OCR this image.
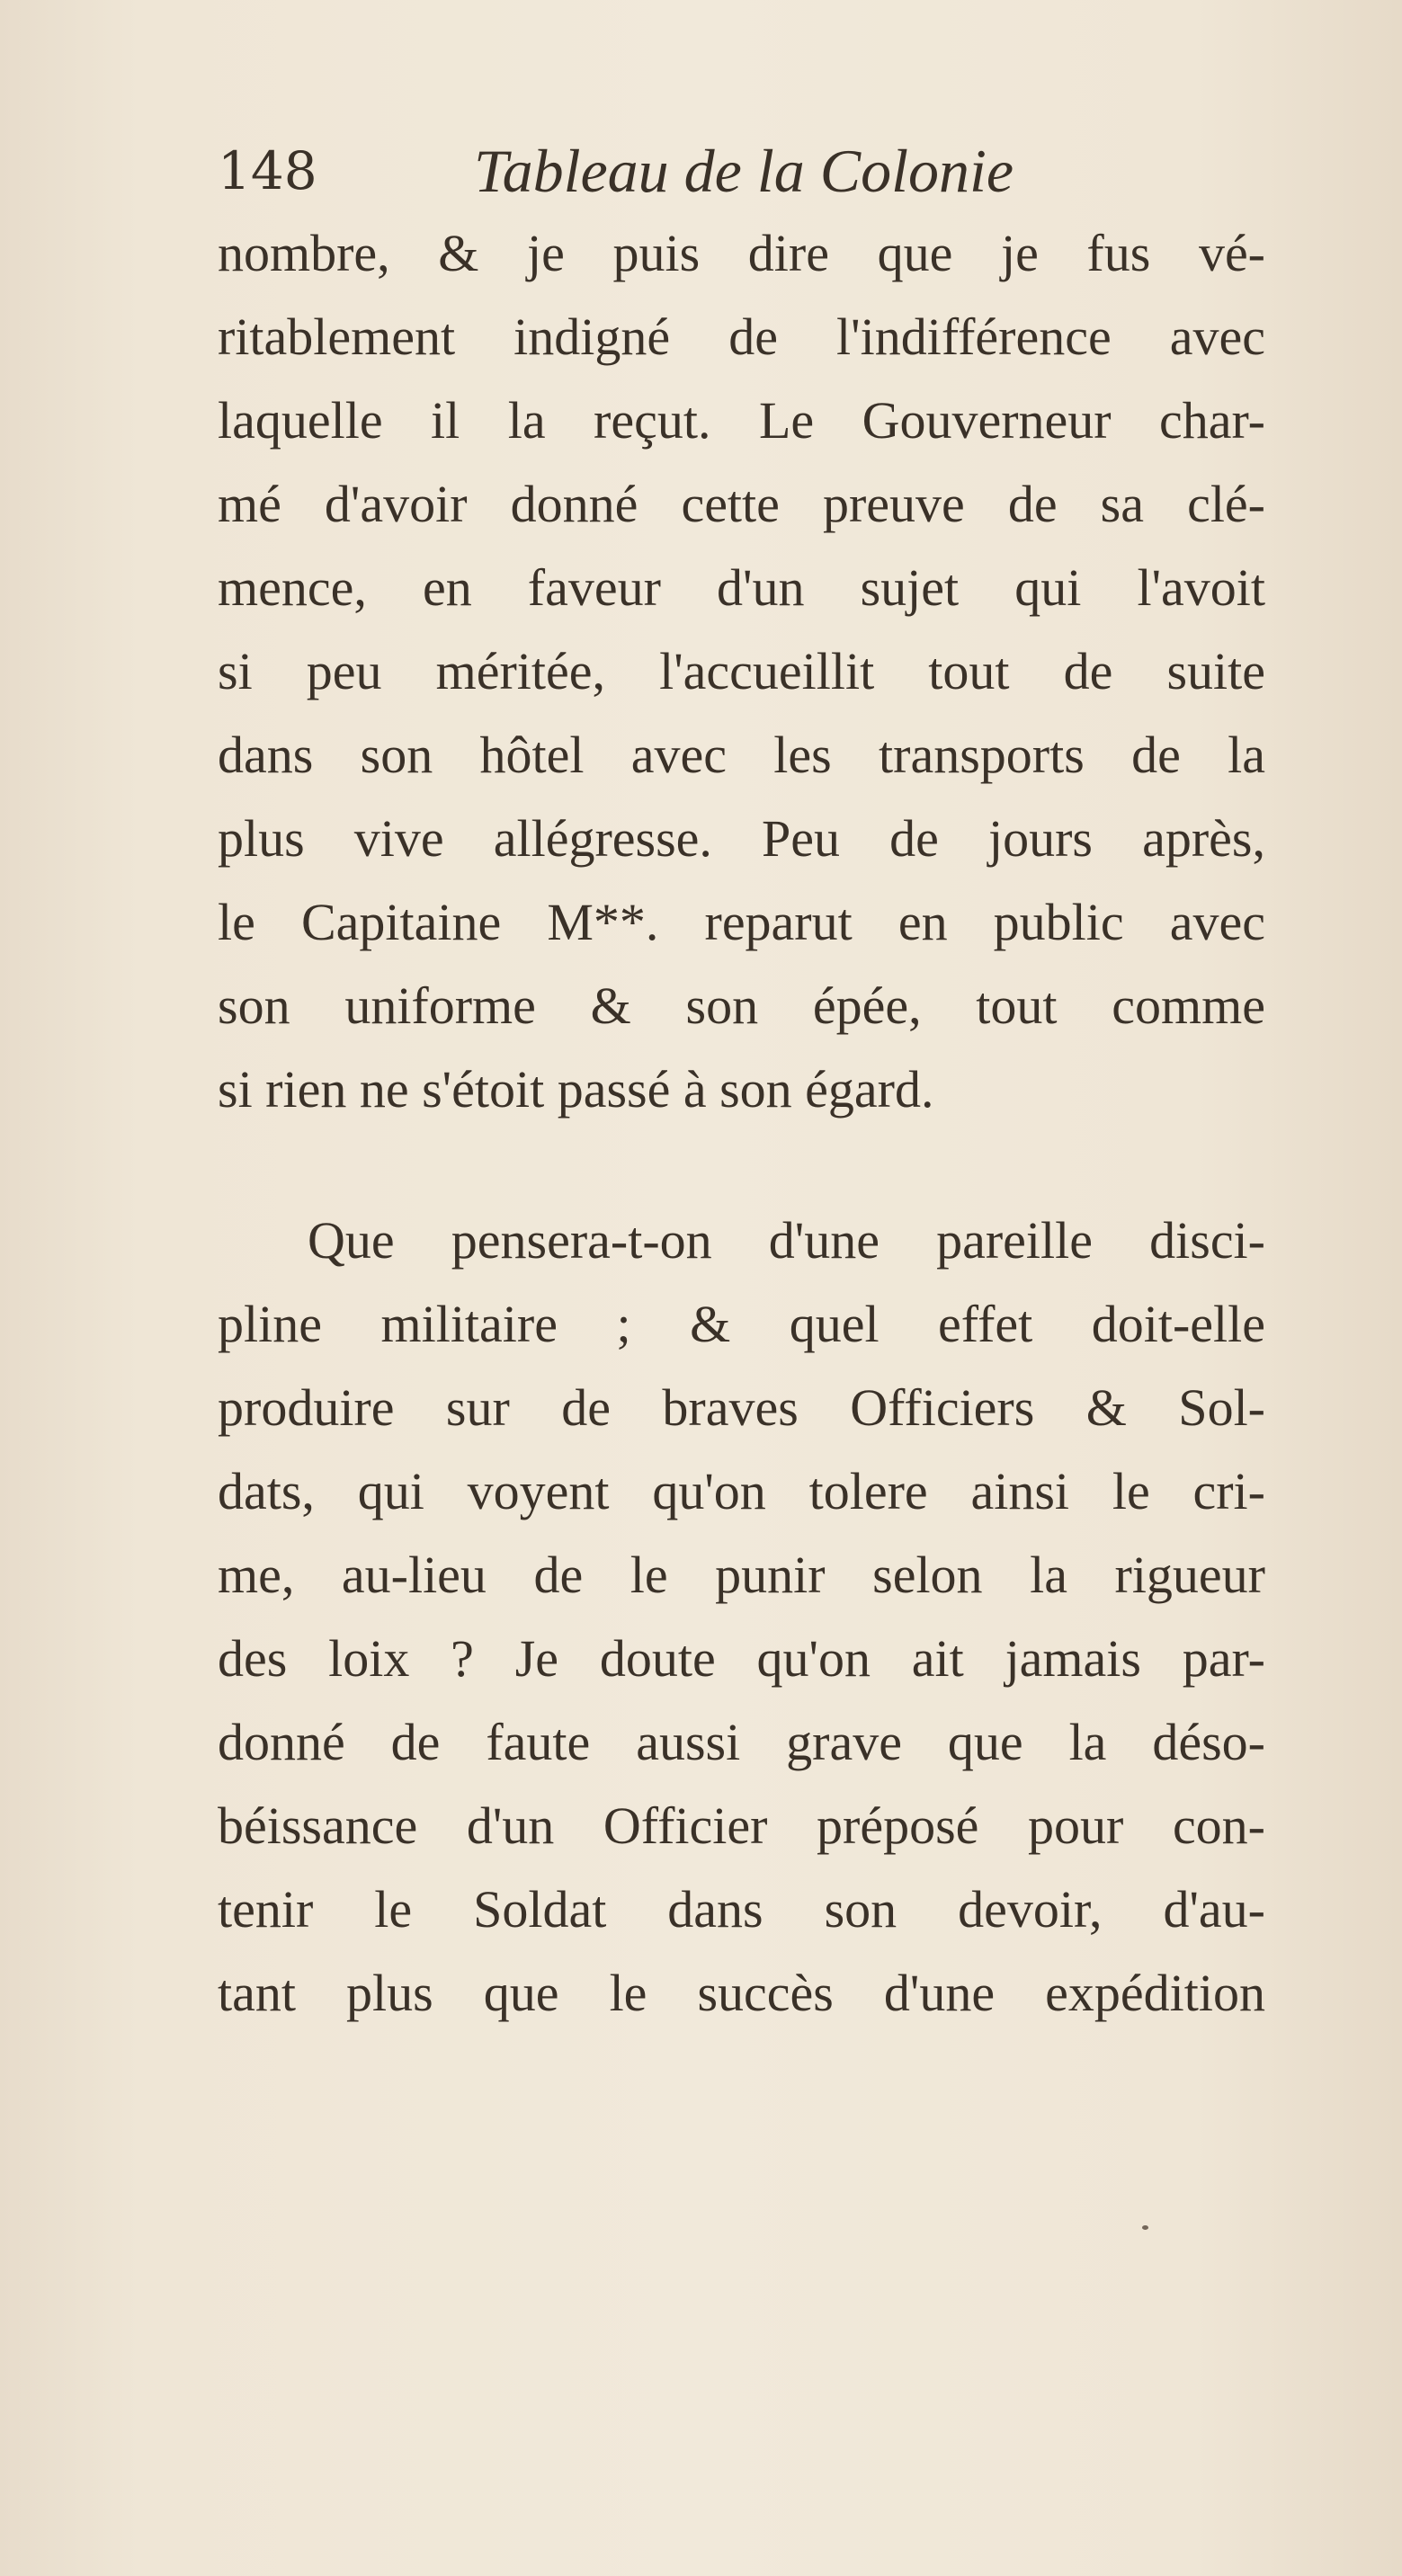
148	Tableau de la Colonie
nombre, & je puis dire que je fus vé-
ritablement indigné de l'indifférence avec
laquelle il la reçut. Le Gouverneur char-
mé d'avoir donné cette preuve de sa clé-
mence, en faveur d'un sujet qui l'avoit
si peu méritée, l'accueillit tout de suite
dans son hôtel avec les transports de la
plus vive allégresse. Peu de jours après,
le Capitaine M**. reparut en public avec
son uniforme & son épée, tout comme
si rien ne s'étoit passé à son égard.
Que pensera-t-on d'une pareille disci-
pline militaire ; & quel effet doit-elle
produire sur de braves Officiers & Sol-
dats, qui voyent qu'on tolere ainsi le cri-
me, au-lieu de le punir selon la rigueur
des loix ? Je doute qu'on ait jamais par-
donné de faute aussi grave que la déso-
béissance d'un Officier préposé pour con-
tenir le Soldat dans son devoir, d'au-
tant plus que le succès d'une expédition
